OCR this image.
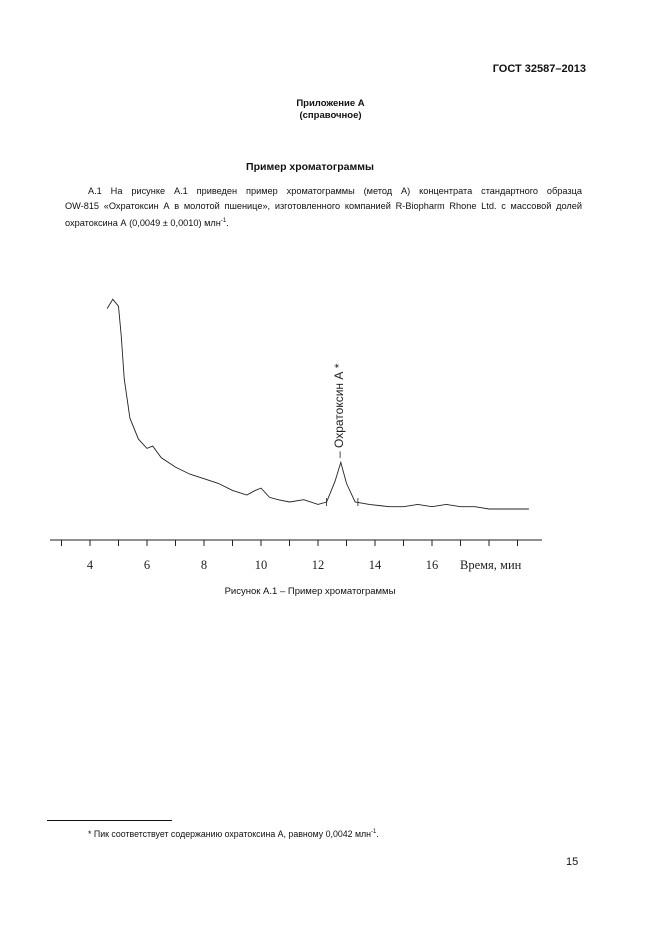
ГОСТ 32587–2013
Приложение А
(справочное)
Пример хроматограммы
А.1 На рисунке А.1 приведен пример хроматограммы (метод А) концентрата стандартного образца
OW-815 «Охратоксин А в молотой пшенице», изготовленного компанией R-Biopharm Rhone Ltd. с массовой долей
охратоксина А (0,0049 ± 0,0010) млн$^{-1}$.
4	6	8	10	12	14	16 Время, мин
– Охратоксин А *
Рисунок А.1 – Пример хроматограммы
* Пик соответствует содержанию охратоксина А, равному 0,0042 млн$^{-1}$.
15
